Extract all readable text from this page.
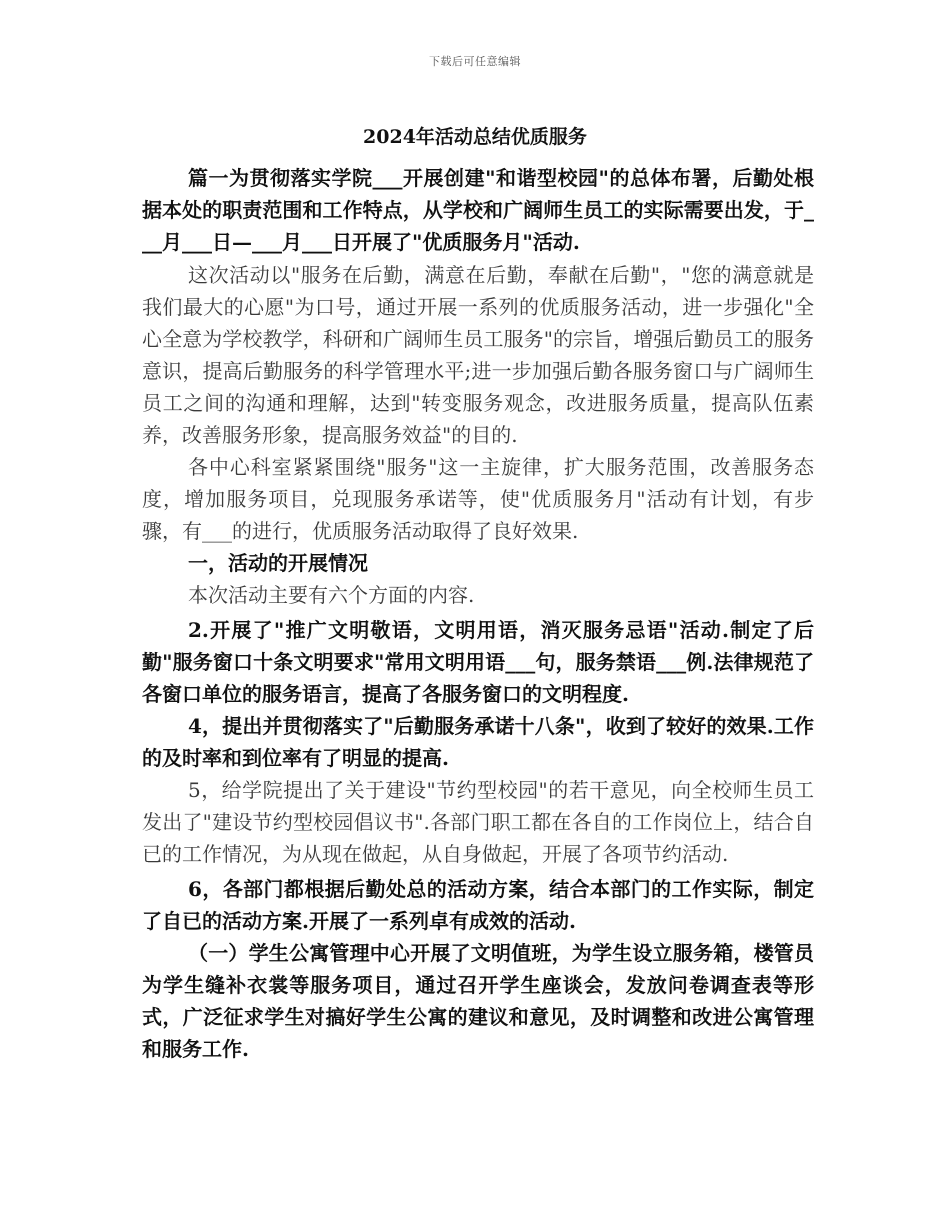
下载后可任意编辑
2024年活动总结优质服务

篇一为贯彻落实学院___开展创建"和谐型校园"的总体布署，后勤处根据本处的职责范围和工作特点，从学校和广阔师生员工的实际需要出发，于___月___日—___月___日开展了"优质服务月"活动.

这次活动以"服务在后勤，满意在后勤，奉献在后勤"，"您的满意就是我们最大的心愿"为口号，通过开展一系列的优质服务活动，进一步强化"全心全意为学校教学，科研和广阔师生员工服务"的宗旨，增强后勤员工的服务意识，提高后勤服务的科学管理水平;进一步加强后勤各服务窗口与广阔师生员工之间的沟通和理解，达到"转变服务观念，改进服务质量，提高队伍素养，改善服务形象，提高服务效益"的目的.

各中心科室紧紧围绕"服务"这一主旋律，扩大服务范围，改善服务态度，增加服务项目，兑现服务承诺等，使"优质服务月"活动有计划，有步骤，有___的进行，优质服务活动取得了良好效果.

一，活动的开展情况

本次活动主要有六个方面的内容.

2.开展了"推广文明敬语，文明用语，消灭服务忌语"活动.制定了后勤"服务窗口十条文明要求"常用文明用语___句，服务禁语___例.法律规范了各窗口单位的服务语言，提高了各服务窗口的文明程度.

4，提出并贯彻落实了"后勤服务承诺十八条"，收到了较好的效果.工作的及时率和到位率有了明显的提高.

5，给学院提出了关于建设"节约型校园"的若干意见，向全校师生员工发出了"建设节约型校园倡议书".各部门职工都在各自的工作岗位上，结合自已的工作情况，为从现在做起，从自身做起，开展了各项节约活动.

6，各部门都根据后勤处总的活动方案，结合本部门的工作实际，制定了自已的活动方案.开展了一系列卓有成效的活动.

（一）学生公寓管理中心开展了文明值班，为学生设立服务箱，楼管员为学生缝补衣裳等服务项目，通过召开学生座谈会，发放问卷调查表等形式，广泛征求学生对搞好学生公寓的建议和意见，及时调整和改进公寓管理和服务工作.
